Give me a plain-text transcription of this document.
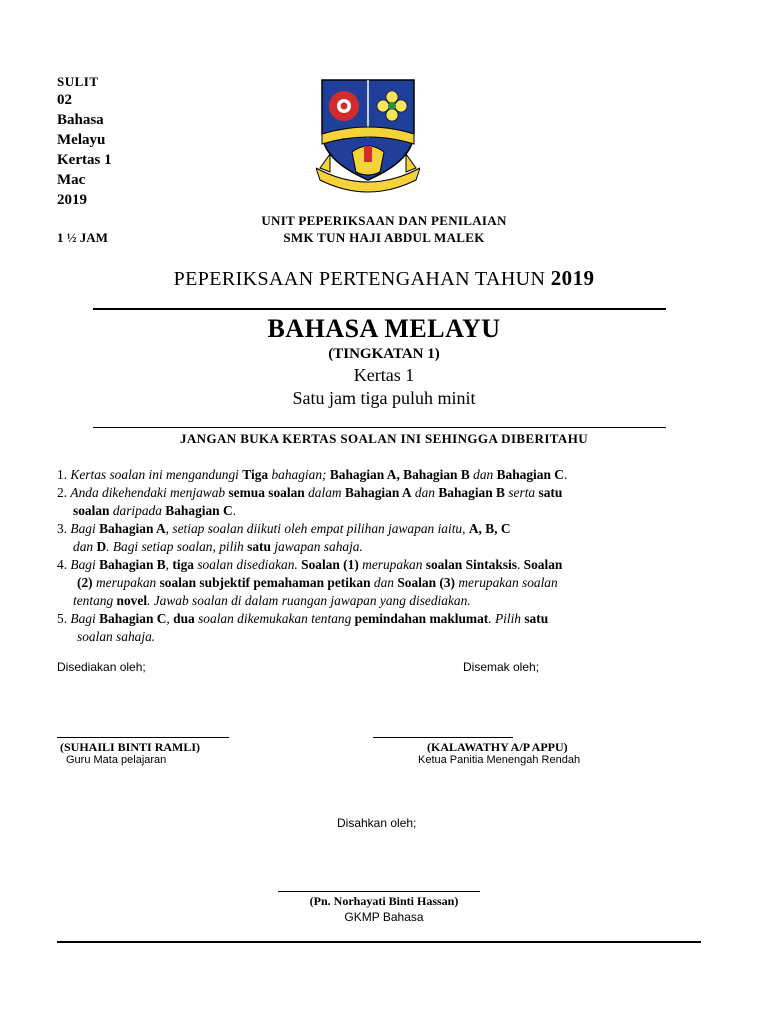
SULIT
02
Bahasa
Melayu
Kertas 1
Mac
2019
1 ½ JAM
UNIT PEPERIKSAAN DAN PENILAIAN
SMK TUN HAJI ABDUL MALEK
PEPERIKSAAN PERTENGAHAN TAHUN 2019
BAHASA MELAYU
(TINGKATAN 1)
Kertas 1
Satu jam tiga puluh minit
JANGAN BUKA KERTAS SOALAN INI SEHINGGA DIBERITAHU
1. Kertas soalan ini mengandungi Tiga bahagian; Bahagian A, Bahagian B dan Bahagian C.
2. Anda dikehendaki menjawab semua soalan dalam Bahagian A dan Bahagian B serta satu
soalan daripada Bahagian C.
3. Bagi Bahagian A, setiap soalan diikuti oleh empat pilihan jawapan iaitu, A, B, C
dan D. Bagi setiap soalan, pilih satu jawapan sahaja.
4. Bagi Bahagian B, tiga soalan disediakan. Soalan (1) merupakan soalan Sintaksis. Soalan
(2) merupakan soalan subjektif pemahaman petikan dan Soalan (3) merupakan soalan
tentang novel. Jawab soalan di dalam ruangan jawapan yang disediakan.
5. Bagi Bahagian C, dua soalan dikemukakan tentang pemindahan maklumat. Pilih satu
soalan sahaja.
Disediakan oleh;	Disemak oleh;
(SUHAILI BINTI RAMLI)
Guru Mata pelajaran
(KALAWATHY A/P APPU)
Ketua Panitia Menengah Rendah
Disahkan oleh;
(Pn. Norhayati Binti Hassan)
GKMP Bahasa
